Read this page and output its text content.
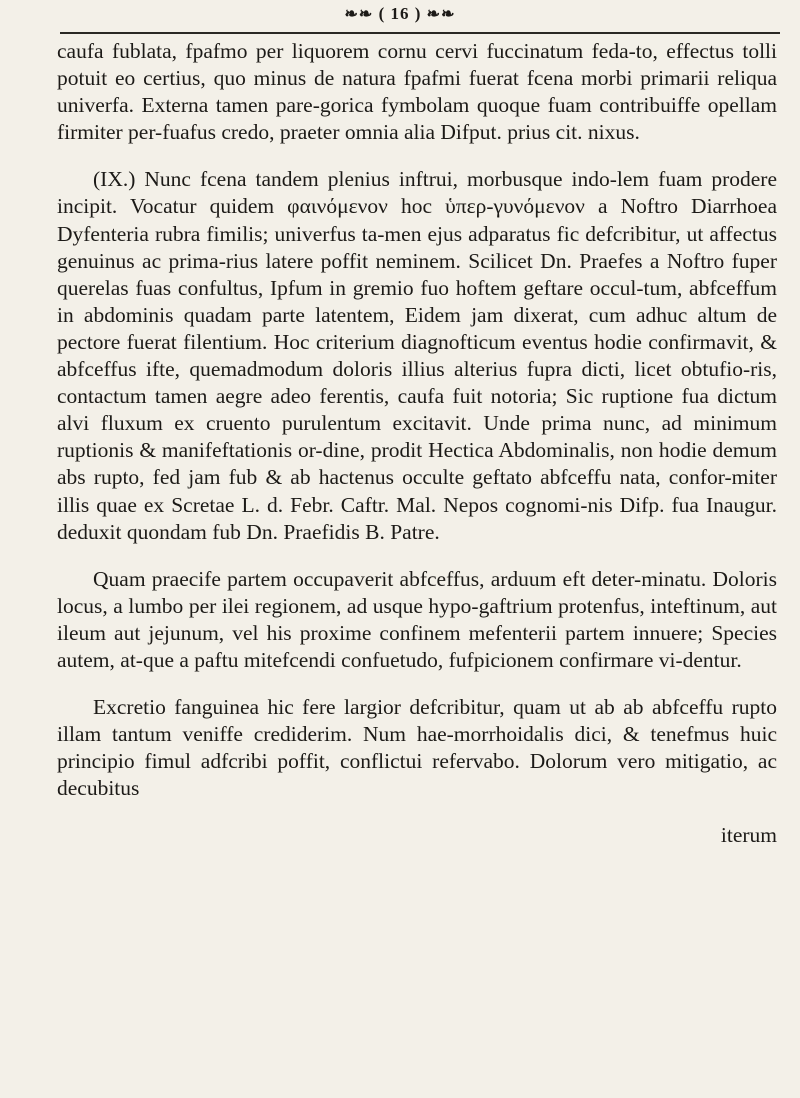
❧❧ ( 16 ) ❧❧

caufa fublata, fpafmo per liquorem cornu cervi fuccinatum feda-to, effectus tolli potuit eo certius, quo minus de natura fpafmi fuerat fcena morbi primarii reliqua univerfa. Externa tamen pare-gorica fymbolam quoque fuam contribuiffe opellam firmiter per-fuafus credo, praeter omnia alia Difput. prius cit. nixus.

(IX.) Nunc fcena tandem plenius inftrui, morbusque indo-lem fuam prodere incipit. Vocatur quidem φαινόμενον hoc ὑπερ-γυνόμενον a Noftro Diarrhoea Dyfenteria rubra fimilis; univerfus ta-men ejus adparatus fic defcribitur, ut affectus genuinus ac prima-rius latere poffit neminem. Scilicet Dn. Praefes a Noftro fuper querelas fuas confultus, Ipfum in gremio fuo hoftem geftare occul-tum, abfceffum in abdominis quadam parte latentem, Eidem jam dixerat, cum adhuc altum de pectore fuerat filentium. Hoc criterium diagnofticum eventus hodie confirmavit, & abfceffus ifte, quemadmodum doloris illius alterius fupra dicti, licet obtufio-ris, contactum tamen aegre adeo ferentis, caufa fuit notoria; Sic ruptione fua dictum alvi fluxum ex cruento purulentum excitavit. Unde prima nunc, ad minimum ruptionis & manifeftationis or-dine, prodit Hectica Abdominalis, non hodie demum abs rupto, fed jam fub & ab hactenus occulte geftato abfceffu nata, confor-miter illis quae ex Scretae L. d. Febr. Caftr. Mal. Nepos cognomi-nis Difp. fua Inaugur. deduxit quondam fub Dn. Praefidis B. Patre.

Quam praecife partem occupaverit abfceffus, arduum eft deter-minatu. Doloris locus, a lumbo per ilei regionem, ad usque hypo-gaftrium protenfus, inteftinum, aut ileum aut jejunum, vel his proxime confinem mefenterii partem innuere; Species autem, at-que a paftu mitefcendi confuetudo, fufpicionem confirmare vi-dentur.

Excretio fanguinea hic fere largior defcribitur, quam ut ab ab abfceffu rupto illam tantum veniffe crediderim. Num hae-morrhoidalis dici, & tenefmus huic principio fimul adfcribi poffit, conflictui refervabo. Dolorum vero mitigatio, ac decubitus

iterum
